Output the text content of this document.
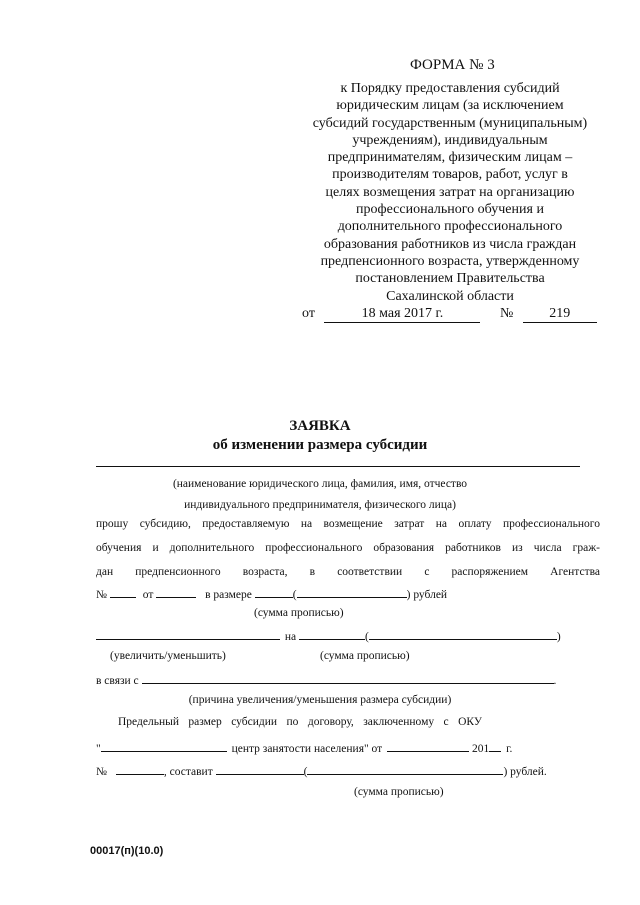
ФОРМА № 3
к Порядку предоставления субсидий
юридическим лицам (за исключением
субсидий государственным (муниципальным)
учреждениям), индивидуальным
предпринимателям, физическим лицам –
производителям товаров, работ, услуг в
целях возмещения затрат на организацию
профессионального обучения и
дополнительного профессионального
образования работников из числа граждан
предпенсионного возраста, утвержденному
постановлением Правительства
Сахалинской области
от	18 мая 2017 г.	№	219
ЗАЯВКА
об изменении размера субсидии
(наименование юридического лица, фамилия, имя, отчество
индивидуального предпринимателя, физического лица)
прошу субсидию, предоставляемую на возмещение затрат на оплату профессионального
обучения и дополнительного профессионального образования работников из числа граж-
дан предпенсионного возраста, в соответствии с распоряжением Агентства
№	от	в размере	(	) рублей
(сумма прописью)
на	(	)
(увеличить/уменьшить)	(сумма прописью)
в связи с	.
(причина увеличения/уменьшения размера субсидии)
Предельный размер субсидии по договору, заключенному с ОКУ
"	центр занятости населения" от	201 г.
№	, составит	(	) рублей.
(сумма прописью)
00017(п)(10.0)
